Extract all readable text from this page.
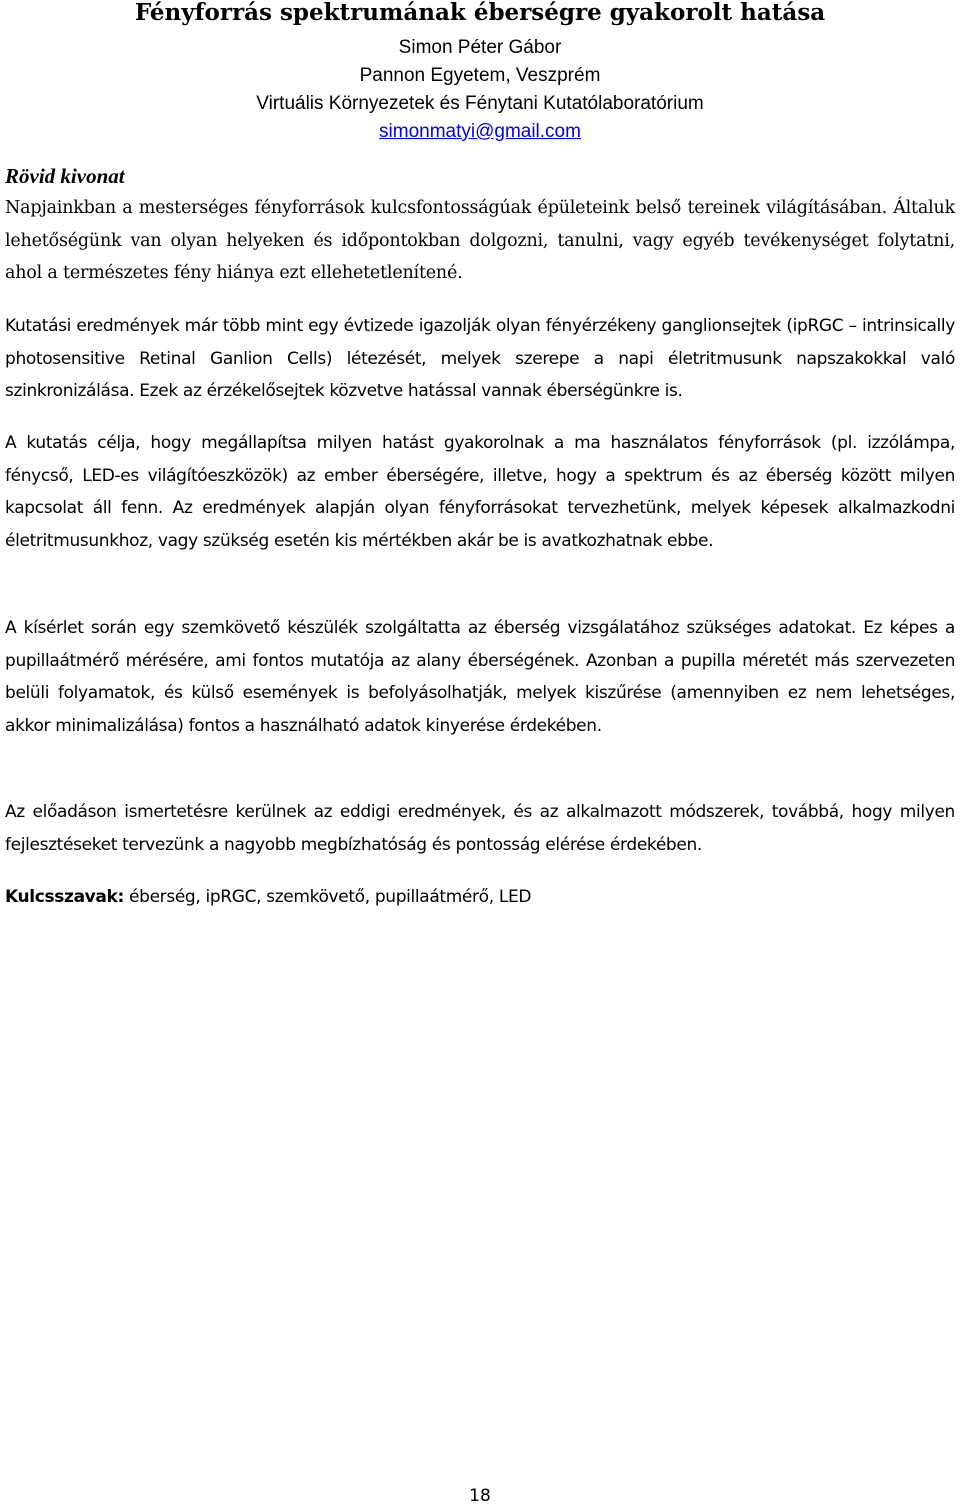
Fényforrás spektrumának éberségre gyakorolt hatása
Simon Péter Gábor
Pannon Egyetem, Veszprém
Virtuális Környezetek és Fénytani Kutatólaboratórium
simonmatyi@gmail.com
Rövid kivonat

Napjainkban a mesterséges fényforrások kulcsfontosságúak épületeink belső tereinek világításában. Általuk lehetőségünk van olyan helyeken és időpontokban dolgozni, tanulni, vagy egyéb tevékenységet folytatni, ahol a természetes fény hiánya ezt ellehetetlenítené.

Kutatási eredmények már több mint egy évtizede igazolják olyan fényérzékeny ganglionsejtek (ipRGC – intrinsically photosensitive Retinal Ganlion Cells) létezését, melyek szerepe a napi életritmusunk napszakokkal való szinkronizálása. Ezek az érzékelősejtek közvetve hatással vannak éberségünkre is.

A kutatás célja, hogy megállapítsa milyen hatást gyakorolnak a ma használatos fényforrások (pl. izzólámpa, fénycső, LED-es világítóeszközök) az ember éberségére, illetve, hogy a spektrum és az éberség között milyen kapcsolat áll fenn. Az eredmények alapján olyan fényforrásokat tervezhetünk, melyek képesek alkalmazkodni életritmusunkhoz, vagy szükség esetén kis mértékben akár be is avatkozhatnak ebbe.

A kísérlet során egy szemkövető készülék szolgáltatta az éberség vizsgálatához szükséges adatokat. Ez képes a pupillaátmérő mérésére, ami fontos mutatója az alany éberségének. Azonban a pupilla méretét más szervezeten belüli folyamatok, és külső események is befolyásolhatják, melyek kiszűrése (amennyiben ez nem lehetséges, akkor minimalizálása) fontos a használható adatok kinyerése érdekében.

Az előadáson ismertetésre kerülnek az eddigi eredmények, és az alkalmazott módszerek, továbbá, hogy milyen fejlesztéseket tervezünk a nagyobb megbízhatóság és pontosság elérése érdekében.

Kulcsszavak: éberség, ipRGC, szemkövető, pupillaátmérő, LED

18
